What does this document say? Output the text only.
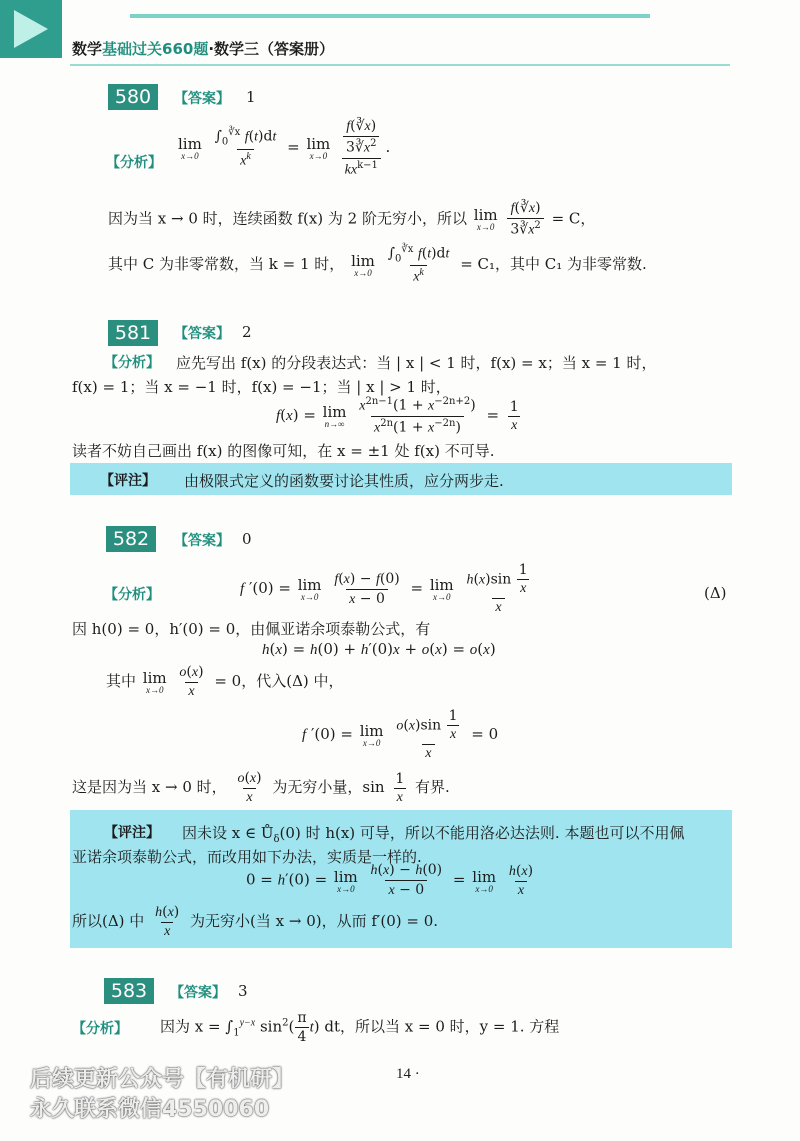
数学基础过关660题·数学三（答案册）
580	【答案】 1
【分析】
lim
x→0
$\frac{\int_0^{∛x} f(t)dt}{x^k} = \lim$
x→0
$\frac{\frac{f(∛x)}{3∛x^2}}{kx^{k-1}}$ .
因为当 x → 0 时，连续函数 f(x) 为 2 阶无穷小，所以 lim
x→0
$\frac{f(∛x)}{3∛x^2} = C$，
其中 C 为非零常数，当 k = 1 时， lim
x→0
$\frac{\int_0^{∛x} f(t)dt}{x^k} = C_1$，其中 C₁ 为非零常数.
581	【答案】 2
【分析】 应先写出 f(x) 的分段表达式：当 | x | < 1 时，f(x) = x；当 x = 1 时，
f(x) = 1；当 x = −1 时，f(x) = −1；当 | x | > 1 时，
f(x) = lim
n→∞
$\frac{x^{2n-1}(1 + x^{-2n+2})}{x^{2n}(1 + x^{-2n})} = \frac{1}{x}$
读者不妨自己画出 f(x) 的图像可知，在 x = ±1 处 f(x) 不可导.
【评注】 由极限式定义的函数要讨论其性质，应分两步走.
582	【答案】 0
【分析】	f ′(0) = lim
x→0
$\frac{f(x) - f(0)}{x - 0} = \lim$
x→0
$\frac{h(x)\sin \frac{1}{x}}{x}$	(Δ)
因 h(0) = 0，h′(0) = 0，由佩亚诺余项泰勒公式，有
h(x) = h(0) + h′(0)x + o(x) = o(x)
其中 lim
x→0
$\frac{o(x)}{x} = 0$，代入(Δ) 中，
f ′(0) = lim
x→0
$\frac{o(x)\sin \frac{1}{x}}{x} = 0$
这是因为当 x → 0 时， $\frac{o(x)}{x}$ 为无穷小量，$\sin \frac{1}{x}$ 有界.
【评注】 因未设 x ∈ $Ů_\delta(0)$ 时 h(x) 可导，所以不能用洛必达法则. 本题也可以不用佩
亚诺余项泰勒公式，而改用如下办法，实质是一样的.
0 = h′(0) = lim
x→0
$\frac{h(x) - h(0)}{x - 0} = \lim$
x→0
$\frac{h(x)}{x}$
所以(Δ) 中 $\frac{h(x)}{x}$ 为无穷小(当 x → 0)，从而 f′(0) = 0.
583	【答案】 3
【分析】 因为 $x = \int_1^{y-x}$ $\sin^2( \frac{\pi}{4} t)$ dt，所以当 x = 0 时，y = 1. 方程
14 ·
后续更新公众号【有机研】
永久联系微信4550060
